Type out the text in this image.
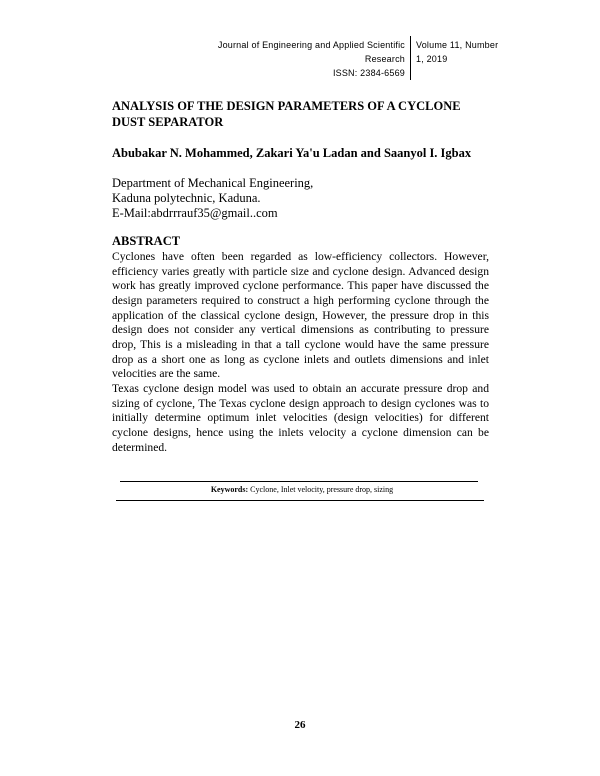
Journal of Engineering and Applied Scientific
Research
ISSN: 2384-6569
Volume 11, Number
1, 2019
ANALYSIS OF THE DESIGN PARAMETERS OF A CYCLONE DUST SEPARATOR

Abubakar N. Mohammed, Zakari Ya'u Ladan and Saanyol I. Igbax

Department of Mechanical Engineering,
Kaduna polytechnic, Kaduna.
E-Mail:abdrrrauf35@gmail..com
ABSTRACT

Cyclones have often been regarded as low-efficiency collectors. However, efficiency varies greatly with particle size and cyclone design. Advanced design work has greatly improved cyclone performance. This paper have discussed the design parameters required to construct a high performing cyclone through the application of the classical cyclone design, However, the pressure drop in this design does not consider any vertical dimensions as contributing to pressure drop, This is a misleading in that a tall cyclone would have the same pressure drop as a short one as long as cyclone inlets and outlets dimensions and inlet velocities are the same.

Texas cyclone design model was used to obtain an accurate pressure drop and sizing of cyclone, The Texas cyclone design approach to design cyclones was to initially determine optimum inlet velocities (design velocities) for different cyclone designs, hence using the inlets velocity a cyclone dimension can be determined.

Keywords: Cyclone, Inlet velocity, pressure drop, sizing
26
